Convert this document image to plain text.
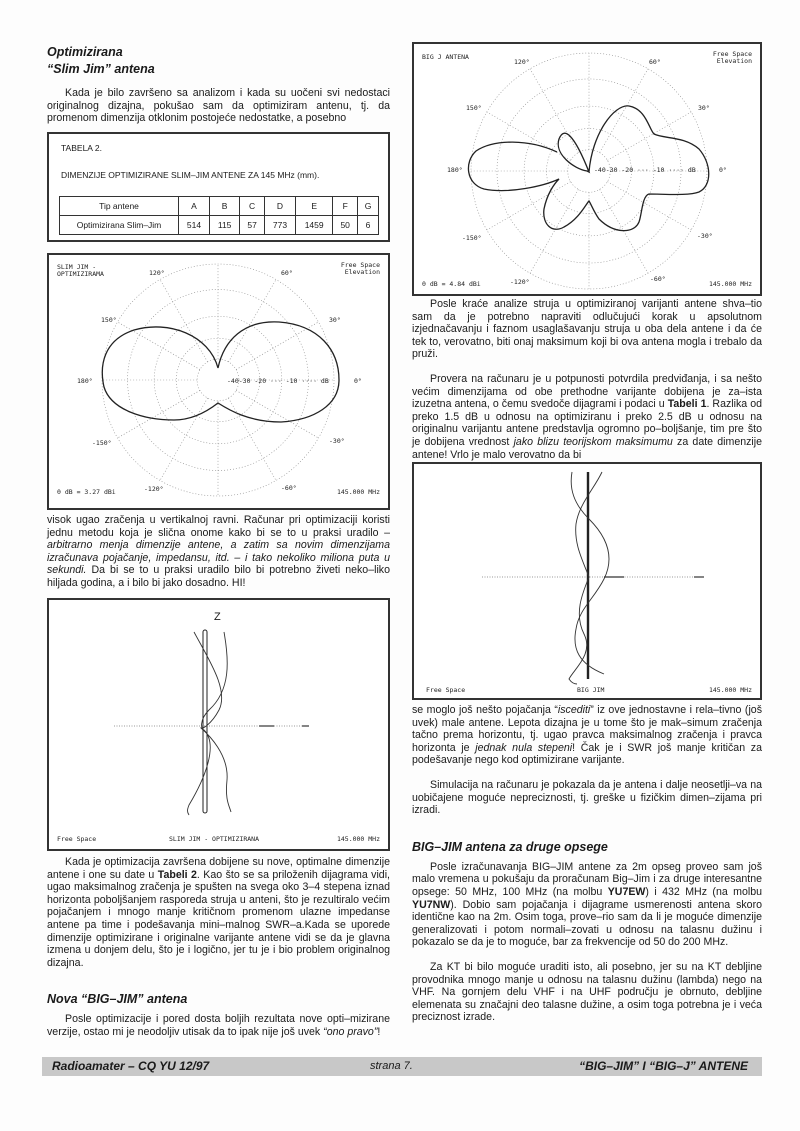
Optimizirana
“Slim Jim” antena

Kada je bilo završeno sa analizom i kada su uočeni svi nedostaci originalnog dizajna, pokušao sam da optimiziram antenu, tj. da promenom dimenzija otklonim postojeće nedostatke, a posebno

TABELA 2.
DIMENZIJE OPTIMIZIRANE SLIM–JIM ANTENE ZA 145 MHz (mm).
Tip antene	A	B	C	D	E	F	G
Optimizirana Slim–Jim	514	115	57	773	1459	50	6
SLIM JIM -
OPTIMIZIRAMA
Free Space
Elevation
120°	60°
150°	30°
180°	0°
-150°	-30°
-120°	-60°
-40-30 -20 ··· -10 ···· dB
0 dB = 3.27 dBi	145.000 MHz

visok ugao zračenja u vertikalnoj ravni. Računar pri optimizaciji koristi jednu metodu koja je slična onome kako bi se to u praksi uradilo – arbitrarno menja dimenzije antene, a zatim sa novim dimenzijama izračunava pojačanje, impedansu, itd. – i tako nekoliko miliona puta u sekundi. Da bi se to u praksi uradilo bilo bi potrebno živeti neko–liko hiljada godina, a i bilo bi jako dosadno. HI!

Z
Free Space	SLIM JIM - OPTIMIZIRANA	145.000 MHz

Kada je optimizacija završena dobijene su nove, optimalne dimenzije antene i one su date u Tabeli 2. Kao što se sa priloženih dijagrama vidi, ugao maksimalnog zračenja je spušten na svega oko 3–4 stepena iznad horizonta poboljšanjem rasporeda struja u anteni, što je rezultiralo većim pojačanjem i mnogo manje kritičnom promenom ulazne impedanse antene pa time i podešavanja mini–malnog SWR–a.Kada se uporede dimenzije optimizirane i originalne varijante antene vidi se da je glavna izmena u donjem delu, što je i logično, jer tu je i bio problem originalnog dizajna.

Nova “BIG–JIM” antena

Posle optimizacije i pored dosta boljih rezultata nove opti–mizirane verzije, ostao mi je neodoljiv utisak da to ipak nije još uvek “ono pravo”!

BIG J ANTENA	Free Space
Elevation
120°	60°
150°	30°
180°	0°
-150°	-30°
-120°	-60°
-40-30 -20 ··· -10 ···· dB
0 dB = 4.84 dBi	145.000 MHz

Posle kraće analize struja u optimiziranoj varijanti antene shva–tio sam da je potrebno napraviti odlučujući korak u apsolutnom izjednačavanju i faznom usaglašavanju struja u oba dela antene i da će tek to, verovatno, biti onaj maksimum koji bi ova antena mogla i trebalo da pruži.

Provera na računaru je u potpunosti potvrdila predviđanja, i sa nešto većim dimenzijama od obe prethodne varijante dobijena je za–ista izuzetna antena, o čemu svedoče dijagrami i podaci u Tabeli 1. Razlika od preko 1.5 dB u odnosu na optimiziranu i preko 2.5 dB u odnosu na originalnu varijantu antene predstavlja ogromno po–boljšanje, tim pre što je dobijena vrednost jako blizu teorijskom maksimumu za date dimenzije antene! Vrlo je malo verovatno da bi

Free Space	BIG JIM	145.000 MHz

se moglo još nešto pojačanja “iscediti” iz ove jednostavne i rela–tivno (još uvek) male antene. Lepota dizajna je u tome što je mak–simum zračenja tačno prema horizontu, tj. ugao pravca maksimalnog zračenja i pravca horizonta je jednak nula stepeni! Čak je i SWR još manje kritičan za podešavanje nego kod optimizirane varijante.

Simulacija na računaru je pokazala da je antena i dalje neosetlji–va na uobičajene moguće nepreciznosti, tj. greške u fizičkim dimen–zijama pri izradi.

BIG–JIM antena za druge opsege

Posle izračunavanja BIG–JIM antene za 2m opseg proveo sam još malo vremena u pokušaju da proračunam Big–Jim i za druge interesantne opsege: 50 MHz, 100 MHz (na molbu YU7EW) i 432 MHz (na molbu YU7NW). Dobio sam pojačanja i dijagrame usmerenosti antena skoro identične kao na 2m. Osim toga, prove–rio sam da li je moguće dimenzije generalizovati i potom normali–zovati u odnosu na talasnu dužinu i pokazalo se da je to moguće, bar za frekvencije od 50 do 200 MHz.

Za KT bi bilo moguće uraditi isto, ali posebno, jer su na KT debljine provodnika mnogo manje u odnosu na talasnu dužinu (lambda) nego na VHF. Na gornjem delu VHF i na UHF području je obrnuto, debljine elemenata su značajni deo talasne dužine, a osim toga potrebna je i veća preciznost izrade.

Radioamater – CQ YU 12/97	strana 7.	“BIG–JIM” I “BIG–J” ANTENE
